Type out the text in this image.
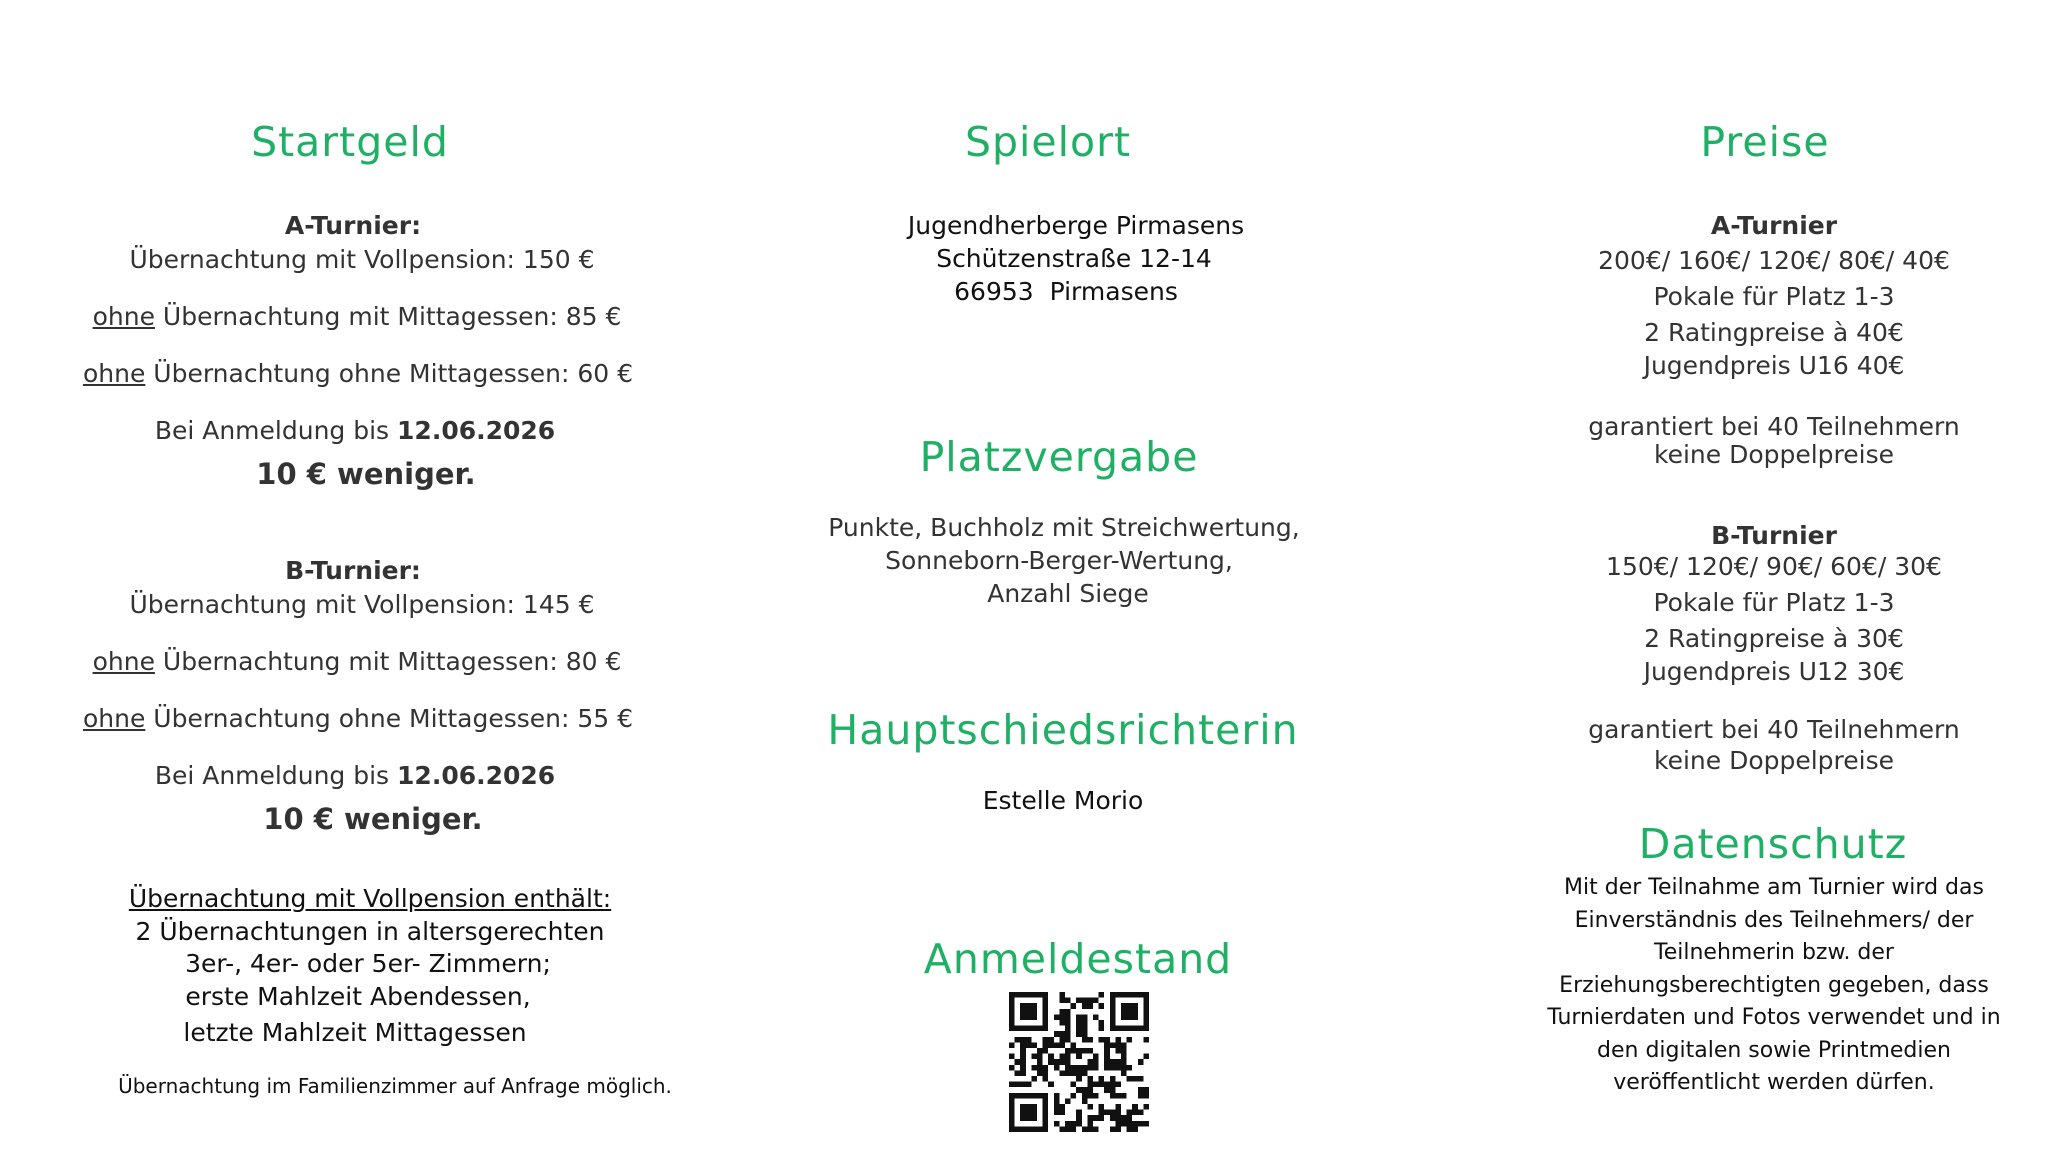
Startgeld
A-Turnier:
Übernachtung mit Vollpension: 150 €
ohne Übernachtung mit Mittagessen: 85 €
ohne Übernachtung ohne Mittagessen: 60 €
Bei Anmeldung bis 12.06.2026
10 € weniger.
B-Turnier:
Übernachtung mit Vollpension: 145 €
ohne Übernachtung mit Mittagessen: 80 €
ohne Übernachtung ohne Mittagessen: 55 €
Bei Anmeldung bis 12.06.2026
10 € weniger.
Übernachtung mit Vollpension enthält:
2 Übernachtungen in altersgerechten
3er-, 4er- oder 5er- Zimmern;
erste Mahlzeit Abendessen,
letzte Mahlzeit Mittagessen
Übernachtung im Familienzimmer auf Anfrage möglich.
Spielort
Jugendherberge Pirmasens
Schützenstraße 12-14
66953  Pirmasens
Platzvergabe
Punkte, Buchholz mit Streichwertung,
Sonneborn-Berger-Wertung,
Anzahl Siege
Hauptschiedsrichterin
Estelle Morio
Anmeldestand
Preise
A-Turnier
200€/ 160€/ 120€/ 80€/ 40€
Pokale für Platz 1-3
2 Ratingpreise à 40€
Jugendpreis U16 40€
garantiert bei 40 Teilnehmern
keine Doppelpreise
B-Turnier
150€/ 120€/ 90€/ 60€/ 30€
Pokale für Platz 1-3
2 Ratingpreise à 30€
Jugendpreis U12 30€
garantiert bei 40 Teilnehmern
keine Doppelpreise
Datenschutz
Mit der Teilnahme am Turnier wird das
Einverständnis des Teilnehmers/ der
Teilnehmerin bzw. der
Erziehungsberechtigten gegeben, dass
Turnierdaten und Fotos verwendet und in
den digitalen sowie Printmedien
veröffentlicht werden dürfen.
